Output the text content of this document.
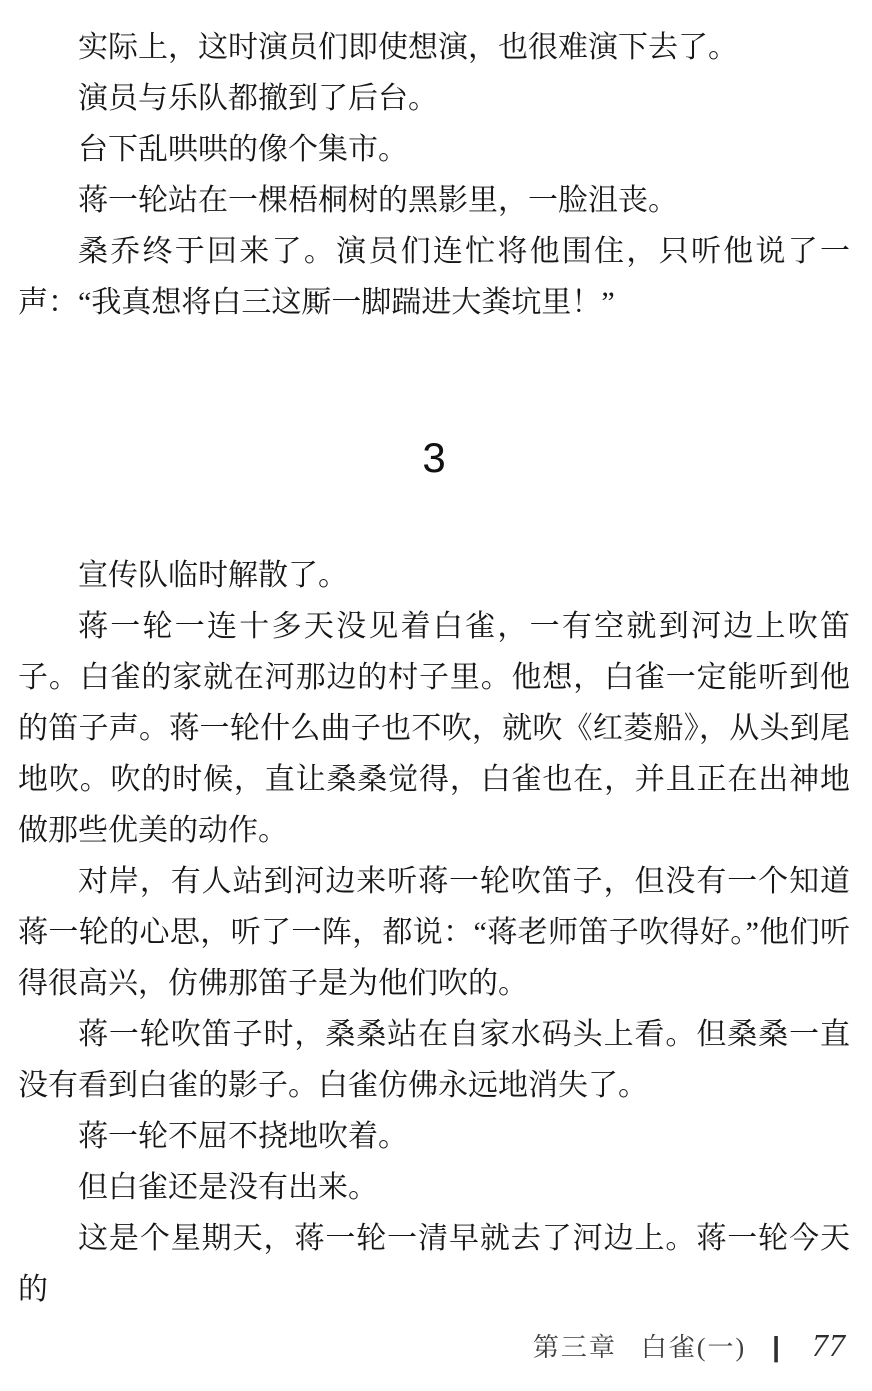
实际上，这时演员们即使想演，也很难演下去了。

演员与乐队都撤到了后台。

台下乱哄哄的像个集市。

蒋一轮站在一棵梧桐树的黑影里，一脸沮丧。

桑乔终于回来了。演员们连忙将他围住，只听他说了一声：“我真想将白三这厮一脚踹进大粪坑里！”

3

宣传队临时解散了。

蒋一轮一连十多天没见着白雀，一有空就到河边上吹笛子。白雀的家就在河那边的村子里。他想，白雀一定能听到他的笛子声。蒋一轮什么曲子也不吹，就吹《红菱船》，从头到尾地吹。吹的时候，直让桑桑觉得，白雀也在，并且正在出神地做那些优美的动作。

对岸，有人站到河边来听蒋一轮吹笛子，但没有一个知道蒋一轮的心思，听了一阵，都说：“蒋老师笛子吹得好。”他们听得很高兴，仿佛那笛子是为他们吹的。

蒋一轮吹笛子时，桑桑站在自家水码头上看。但桑桑一直没有看到白雀的影子。白雀仿佛永远地消失了。

蒋一轮不屈不挠地吹着。

但白雀还是没有出来。

这是个星期天，蒋一轮一清早就去了河边上。蒋一轮今天的

第三章 白雀(一) | 77
